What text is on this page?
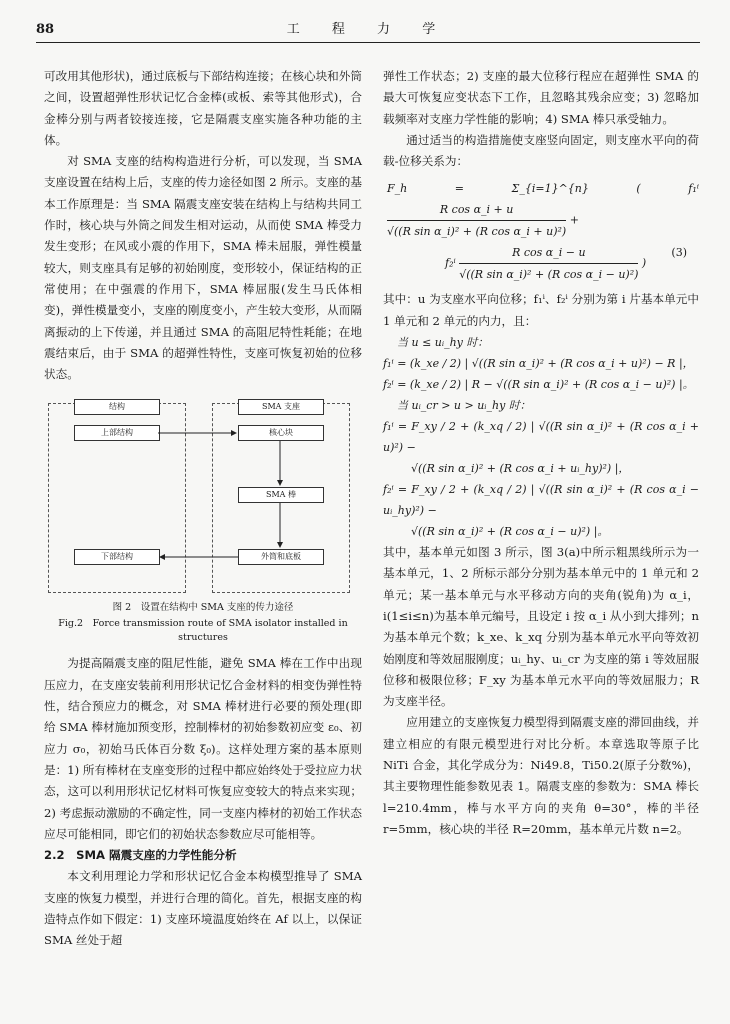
88	工 程 力 学

可改用其他形状)，通过底板与下部结构连接；在核心块和外筒之间，设置超弹性形状记忆合金棒(或板、索等其他形式)，合金棒分别与两者铰接连接，它是隔震支座实施各种功能的主体。

对 SMA 支座的结构构造进行分析，可以发现，当 SMA 支座设置在结构上后，支座的传力途径如图 2 所示。支座的基本工作原理是：当 SMA 隔震支座安装在结构上与结构共同工作时，核心块与外筒之间发生相对运动，从而使 SMA 棒受力发生变形；在风或小震的作用下，SMA 棒未屈服，弹性模量较大，则支座具有足够的初始刚度，变形较小，保证结构的正常使用；在中强震的作用下，SMA 棒屈服(发生马氏体相变)，弹性模量变小，支座的刚度变小，产生较大变形，从而隔离振动的上下传递，并且通过 SMA 的高阻尼特性耗能；在地震结束后，由于 SMA 的超弹性特性，支座可恢复初始的位移状态。

结构	SMA 支座
上部结构	核心块
SMA 棒
下部结构	外筒和底板
图 2　设置在结构中 SMA 支座的传力途径
Fig.2　Force transmission route of SMA isolator installed in structures

为提高隔震支座的阻尼性能，避免 SMA 棒在工作中出现压应力，在支座安装前利用形状记忆合金材料的相变伪弹性特性，结合预应力的概念，对 SMA 棒材进行必要的预处理(即给 SMA 棒材施加预变形，控制棒材的初始参数初应变 ε₀、初应力 σ₀，初始马氏体百分数 ξ₀)。这样处理方案的基本原则是：1) 所有棒材在支座变形的过程中都应始终处于受拉应力状态，这可以利用形状记忆材料可恢复应变较大的特点来实现；2) 考虑振动激励的不确定性，同一支座内棒材的初始工作状态应尽可能相同，即它们的初始状态参数应尽可能相等。

2.2　SMA 隔震支座的力学性能分析

本文利用理论力学和形状记忆合金本构模型推导了 SMA 支座的恢复力模型，并进行合理的简化。首先，根据支座的构造特点作如下假定：1) 支座环境温度始终在 Af 以上，以保证 SMA 丝处于超

弹性工作状态；2) 支座的最大位移行程应在超弹性 SMA 的最大可恢复应变状态下工作，且忽略其残余应变；3) 忽略加载频率对支座力学性能的影响；4) SMA 棒只承受轴力。

通过适当的构造措施使支座竖向固定，则支座水平向的荷载-位移关系为：

F_h = Σ_{i=1}^{n} ( f₁ⁱ
$\frac{\text{R cos α\_i + u}}{\text{√((R sin α\_i)² + (R cos α\_i + u)²)}}$ +
$f_2^i \frac{\text{R cos α\_i − u}}{\text{√((R sin α\_i)² + (R cos α\_i − u)²)}}$ )
(3)

其中：u 为支座水平向位移；f₁ⁱ、f₂ⁱ 分别为第 i 片基本单元中 1 单元和 2 单元的内力，且：

当 u ≤ uᵢ_hy 时：
f₁ⁱ = (k_xe / 2) | √((R sin α_i)² + (R cos α_i + u)²) − R |，
f₂ⁱ = (k_xe / 2) | R − √((R sin α_i)² + (R cos α_i − u)²) |。
当 uᵢ_cr > u > uᵢ_hy 时：
f₁ⁱ = F_xy / 2 + (k_xq / 2) | √((R sin α_i)² + (R cos α_i + u)²) −
√((R sin α_i)² + (R cos α_i + uᵢ_hy)²) |，
f₂ⁱ = F_xy / 2 + (k_xq / 2) | √((R sin α_i)² + (R cos α_i − uᵢ_hy)²) −
√((R sin α_i)² + (R cos α_i − u)²) |。

其中，基本单元如图 3 所示，图 3(a)中所示粗黑线所示为一基本单元，1、2 所标示部分分别为基本单元中的 1 单元和 2 单元；某一基本单元与水平移动方向的夹角(锐角)为 α_i，i(1≤i≤n)为基本单元编号，且设定 i 按 α_i 从小到大排列；n 为基本单元个数；k_xe、k_xq 分别为基本单元水平向等效初始刚度和等效屈服刚度；uᵢ_hy、uᵢ_cr 为支座的第 i 等效屈服位移和极限位移；F_xy 为基本单元水平向的等效屈服力；R 为支座半径。

应用建立的支座恢复力模型得到隔震支座的滞回曲线，并建立相应的有限元模型进行对比分析。本章选取等原子比 NiTi 合金，其化学成分为：Ni49.8，Ti50.2(原子分数%)，其主要物理性能参数见表 1。隔震支座的参数为：SMA 棒长 l=210.4mm，棒与水平方向的夹角 θ=30°，棒的半径 r=5mm，核心块的半径 R=20mm，基本单元片数 n=2。
